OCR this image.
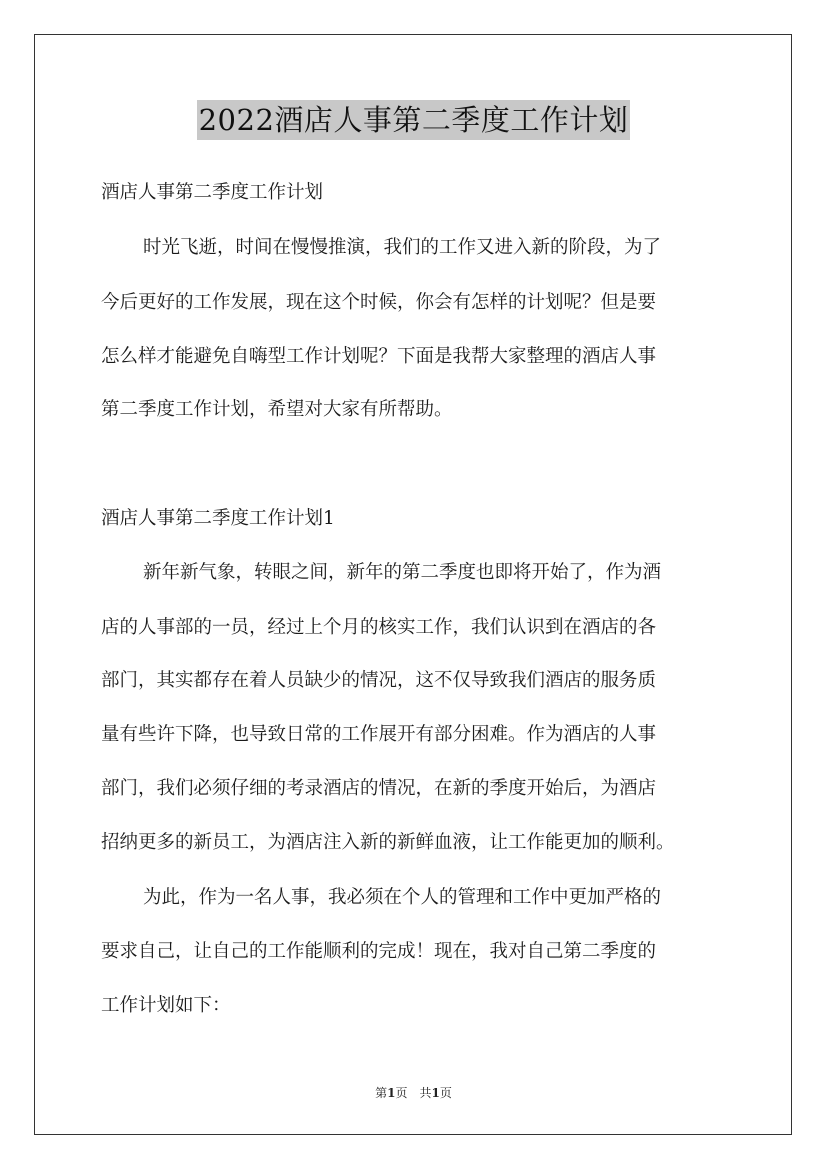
2022酒店人事第二季度工作计划
酒店人事第二季度工作计划
时光飞逝，时间在慢慢推演，我们的工作又进入新的阶段，为了
今后更好的工作发展，现在这个时候，你会有怎样的计划呢？但是要
怎么样才能避免自嗨型工作计划呢？下面是我帮大家整理的酒店人事
第二季度工作计划，希望对大家有所帮助。
酒店人事第二季度工作计划1
新年新气象，转眼之间，新年的第二季度也即将开始了，作为酒
店的人事部的一员，经过上个月的核实工作，我们认识到在酒店的各
部门，其实都存在着人员缺少的情况，这不仅导致我们酒店的服务质
量有些许下降，也导致日常的工作展开有部分困难。作为酒店的人事
部门，我们必须仔细的考录酒店的情况，在新的季度开始后，为酒店
招纳更多的新员工，为酒店注入新的新鲜血液，让工作能更加的顺利。
为此，作为一名人事，我必须在个人的管理和工作中更加严格的
要求自己，让自己的工作能顺利的完成！现在，我对自己第二季度的
工作计划如下：
第1页　共1页
